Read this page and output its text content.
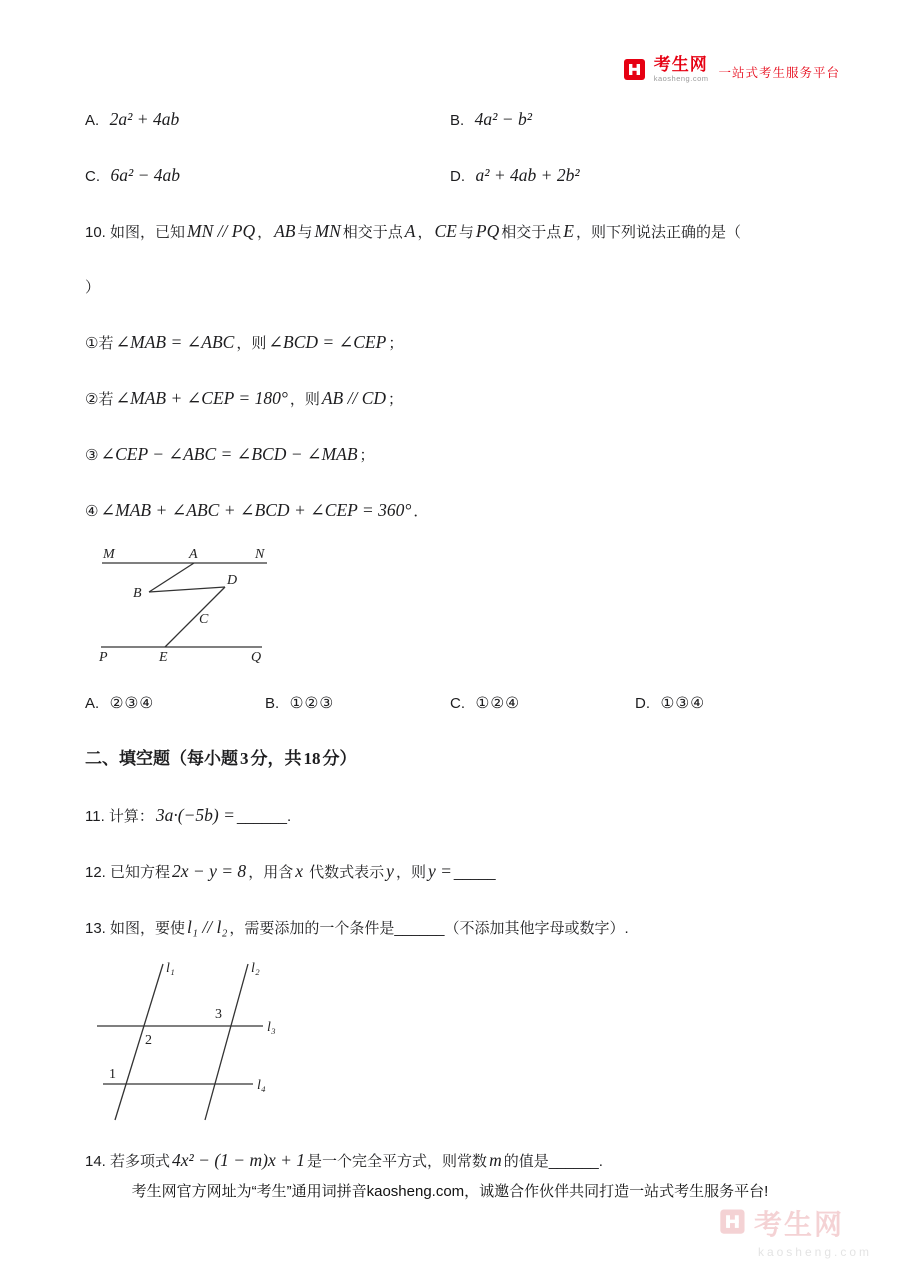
考生网
kaosheng.com 一站式考生服务平台
A. 2a² + 4ab	B. 4a² − b²
C. 6a² − 4ab	D. a² + 4ab + 2b²

10. 如图，已知 MN // PQ ， AB 与 MN 相交于点 A ， CE 与 PQ 相交于点 E ，则下列说法正确的是（

）

①若 ∠MAB = ∠ABC ，则 ∠BCD = ∠CEP ；

②若 ∠MAB + ∠CEP = 180° ，则 AB // CD ；

③ ∠CEP − ∠ABC = ∠BCD − ∠MAB ；

④ ∠MAB + ∠ABC + ∠BCD + ∠CEP = 360° ．

M	A	N
B
D
C
P	E	Q
A. ②③④	B. ①②③	C. ①②④	D. ①③④

二、填空题（每小题 3 分，共 18 分）

11. 计算： 3a·(−5b) = ______.

12. 已知方程 2x − y = 8 ，用含 x 代数式表示 y ，则 y = _____

13. 如图，要使 l₁ // l₂ ，需要添加的一个条件是______（不添加其他字母或数字）.

l₁	l₂
l₃
l₄
3
2
1

14. 若多项式 4x² − (1 − m)x + 1 是一个完全平方式，则常数 m 的值是______.

考生网官方网址为“考生”通用词拼音kaosheng.com，诚邀合作伙伴共同打造一站式考生服务平台!
考生网
kaosheng.com
